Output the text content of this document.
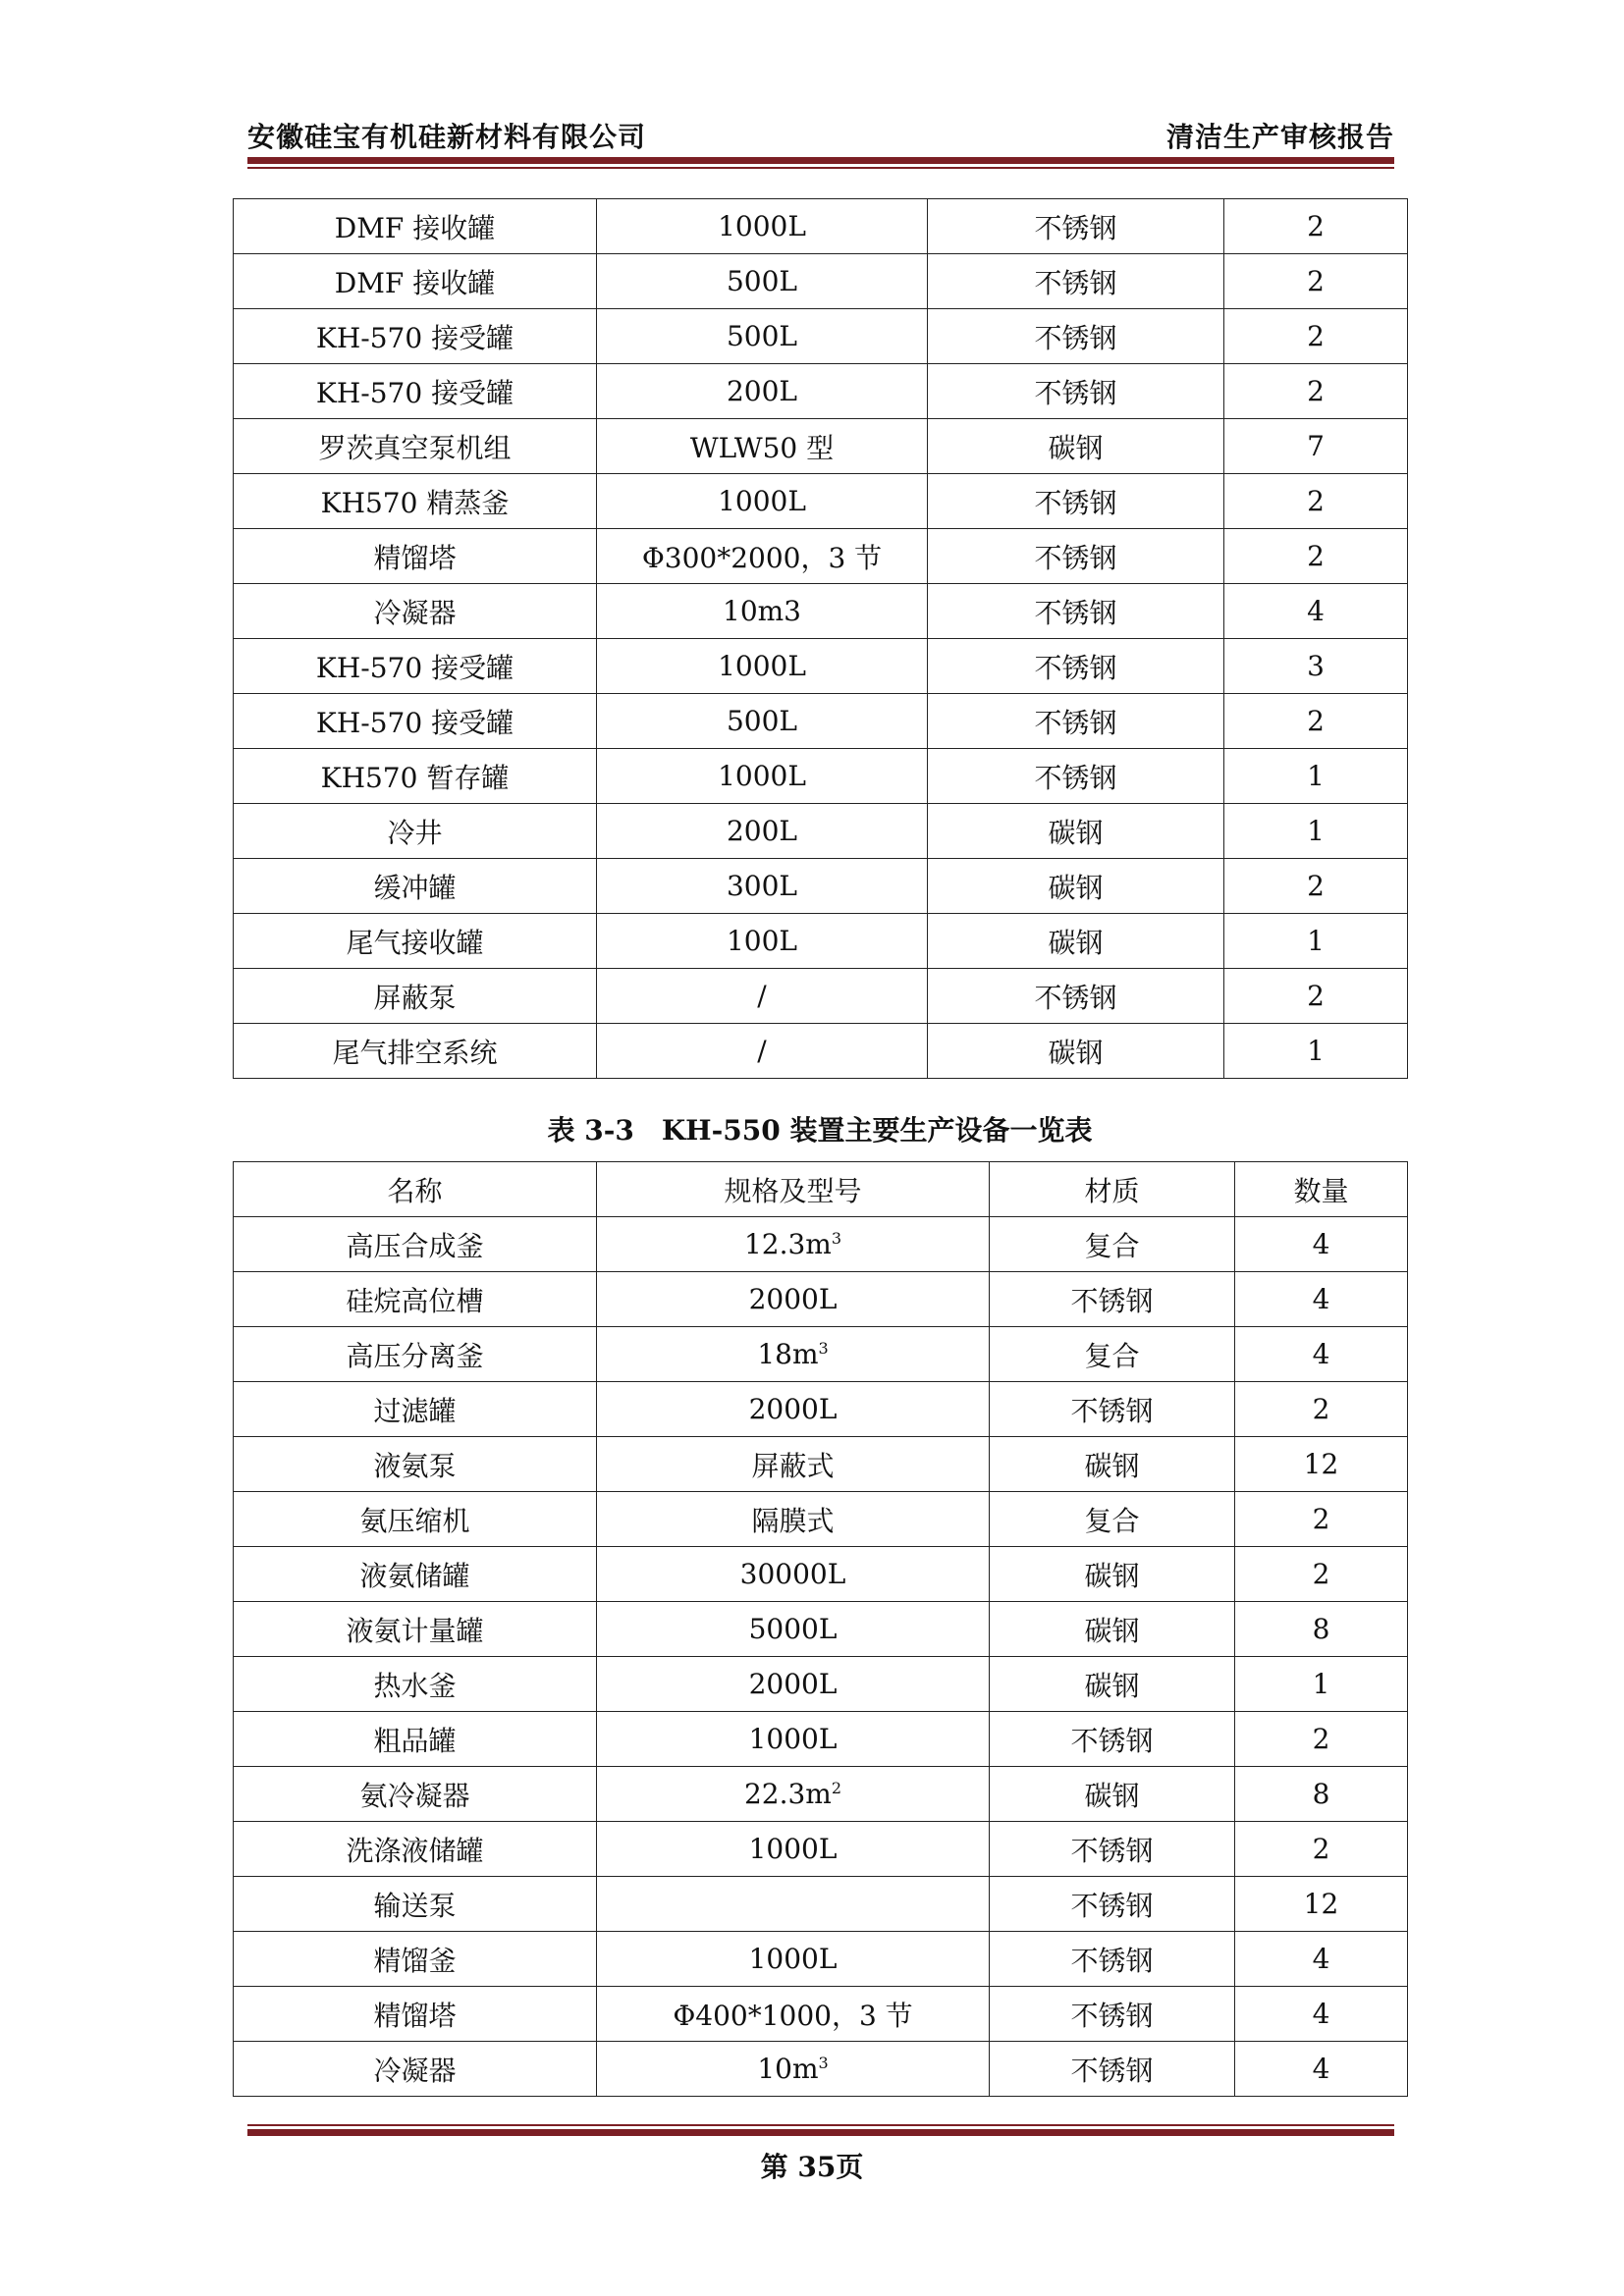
安徽硅宝有机硅新材料有限公司	清洁生产审核报告
DMF 接收罐	1000L	不锈钢	2
DMF 接收罐	500L	不锈钢	2
KH-570 接受罐	500L	不锈钢	2
KH-570 接受罐	200L	不锈钢	2
罗茨真空泵机组	WLW50 型	碳钢	7
KH570 精蒸釜	1000L	不锈钢	2
精馏塔	Φ300*2000，3 节	不锈钢	2
冷凝器	10m3	不锈钢	4
KH-570 接受罐	1000L	不锈钢	3
KH-570 接受罐	500L	不锈钢	2
KH570 暂存罐	1000L	不锈钢	1
冷井	200L	碳钢	1
缓冲罐	300L	碳钢	2
尾气接收罐	100L	碳钢	1
屏蔽泵	/	不锈钢	2
尾气排空系统	/	碳钢	1
表 3-3　KH-550 装置主要生产设备一览表
名称	规格及型号	材质	数量
高压合成釜	$12.3m^3$	复合	4
硅烷高位槽	2000L	不锈钢	4
高压分离釜	$18m^3$	复合	4
过滤罐	2000L	不锈钢	2
液氨泵	屏蔽式	碳钢	12
氨压缩机	隔膜式	复合	2
液氨储罐	30000L	碳钢	2
液氨计量罐	5000L	碳钢	8
热水釜	2000L	碳钢	1
粗品罐	1000L	不锈钢	2
氨冷凝器	$22.3m^2$	碳钢	8
洗涤液储罐	1000L	不锈钢	2
输送泵		不锈钢	12
精馏釜	1000L	不锈钢	4
精馏塔	Φ400*1000，3 节	不锈钢	4
冷凝器	$10m^3$	不锈钢	4
第 35页
